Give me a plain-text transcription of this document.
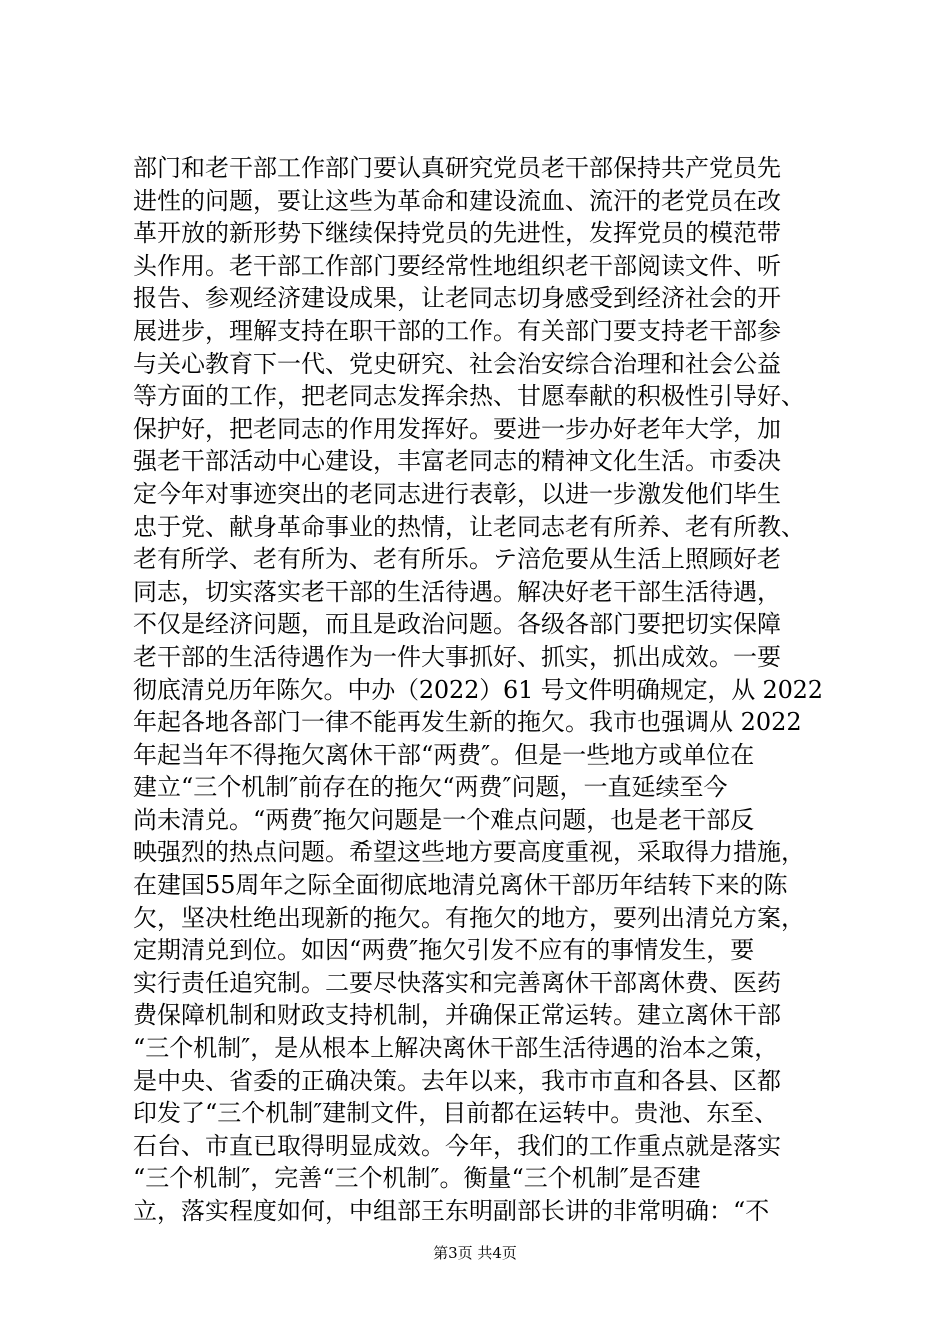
部门和老干部工作部门要认真研究党员老干部保持共产党员先
进性的问题，要让这些为革命和建设流血、流汗的老党员在改
革开放的新形势下继续保持党员的先进性，发挥党员的模范带
头作用。老干部工作部门要经常性地组织老干部阅读文件、听
报告、参观经济建设成果，让老同志切身感受到经济社会的开
展进步，理解支持在职干部的工作。有关部门要支持老干部参
与关心教育下一代、党史研究、社会治安综合治理和社会公益
等方面的工作，把老同志发挥余热、甘愿奉献的积极性引导好、
保护好，把老同志的作用发挥好。要进一步办好老年大学，加
强老干部活动中心建设，丰富老同志的精神文化生活。市委决
定今年对事迹突出的老同志进行表彰，以进一步激发他们毕生
忠于党、献身革命事业的热情，让老同志老有所养、老有所教、
老有所学、老有所为、老有所乐。テ涪危要从生活上照顾好老
同志，切实落实老干部的生活待遇。解决好老干部生活待遇，
不仅是经济问题，而且是政治问题。各级各部门要把切实保障
老干部的生活待遇作为一件大事抓好、抓实，抓出成效。一要
彻底清兑历年陈欠。中办（2022）61 号文件明确规定，从 2022
年起各地各部门一律不能再发生新的拖欠。我市也强调从 2022
年起当年不得拖欠离休干部“两费″。但是一些地方或单位在
建立“三个机制″前存在的拖欠“两费″问题，一直延续至今
尚未清兑。“两费″拖欠问题是一个难点问题，也是老干部反
映强烈的热点问题。希望这些地方要高度重视，采取得力措施，
在建国55周年之际全面彻底地清兑离休干部历年结转下来的陈
欠，坚决杜绝出现新的拖欠。有拖欠的地方，要列出清兑方案，
定期清兑到位。如因“两费″拖欠引发不应有的事情发生，要
实行责任追究制。二要尽快落实和完善离休干部离休费、医药
费保障机制和财政支持机制，并确保正常运转。建立离休干部
“三个机制″，是从根本上解决离休干部生活待遇的治本之策，
是中央、省委的正确决策。去年以来，我市市直和各县、区都
印发了“三个机制″建制文件，目前都在运转中。贵池、东至、
石台、市直已取得明显成效。今年，我们的工作重点就是落实
“三个机制″，完善“三个机制″。衡量“三个机制″是否建
立，落实程度如何，中组部王东明副部长讲的非常明确：“不
第3页 共4页
